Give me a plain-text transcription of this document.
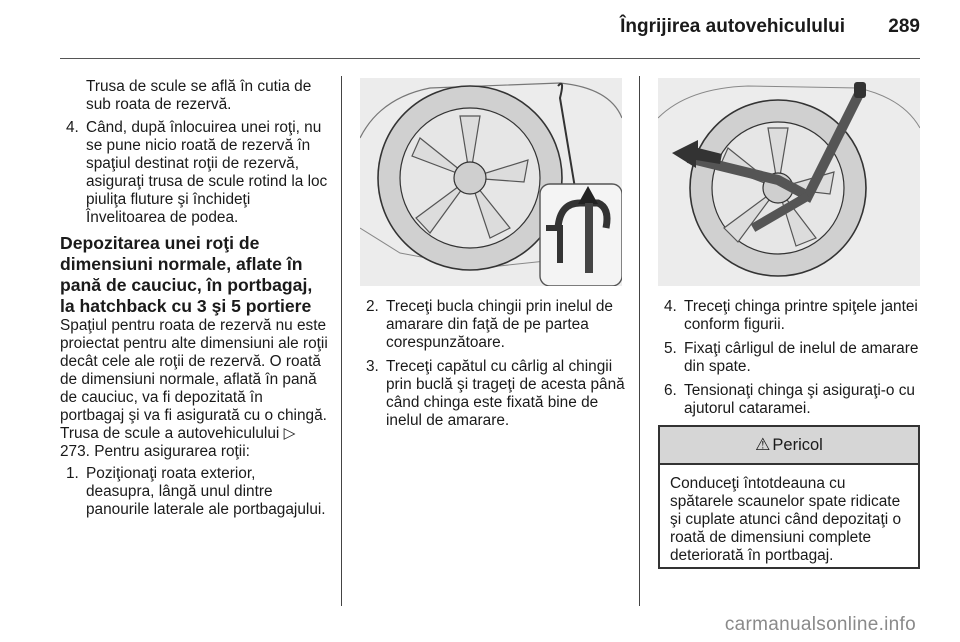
Îngrijirea autovehiculului	289

Trusa de scule se află în cutia de sub roata de rezervă.

4. Când, după înlocuirea unei roţi, nu se pune nicio roată de rezervă în spaţiul destinat roţii de rezervă, asiguraţi trusa de scule rotind la loc piuliţa fluture şi închideţi Învelitoarea de podea.

Depozitarea unei roţi de dimensiuni normale, aflate în pană de cauciuc, în portbagaj, la hatchback cu 3 şi 5 portiere

Spaţiul pentru roata de rezervă nu este proiectat pentru alte dimensiuni ale roţii decât cele ale roţii de rezervă. O roată de dimensiuni normale, aflată în pană de cauciuc, va fi depozitată în portbagaj şi va fi asigurată cu o chingă. Trusa de scule a autovehiculului ▷ 273. Pentru asigurarea roţii:

1. Poziţionaţi roata exterior, deasupra, lângă unul dintre panourile laterale ale portbagajului.
2. Treceţi bucla chingii prin inelul de amarare din faţă de pe partea corespunzătoare.
3. Treceţi capătul cu cârlig al chingii prin buclă şi trageţi de acesta până când chinga este fixată bine de inelul de amarare.
4. Treceţi chinga printre spiţele jantei conform figurii.
5. Fixaţi cârligul de inelul de amarare din spate.
6. Tensionaţi chinga şi asiguraţi-o cu ajutorul cataramei.
⚠ Pericol
Conduceţi întotdeauna cu spătarele scaunelor spate ridicate şi cuplate atunci când depozitaţi o roată de dimensiuni complete deteriorată în portbagaj.
carmanualsonline.info
